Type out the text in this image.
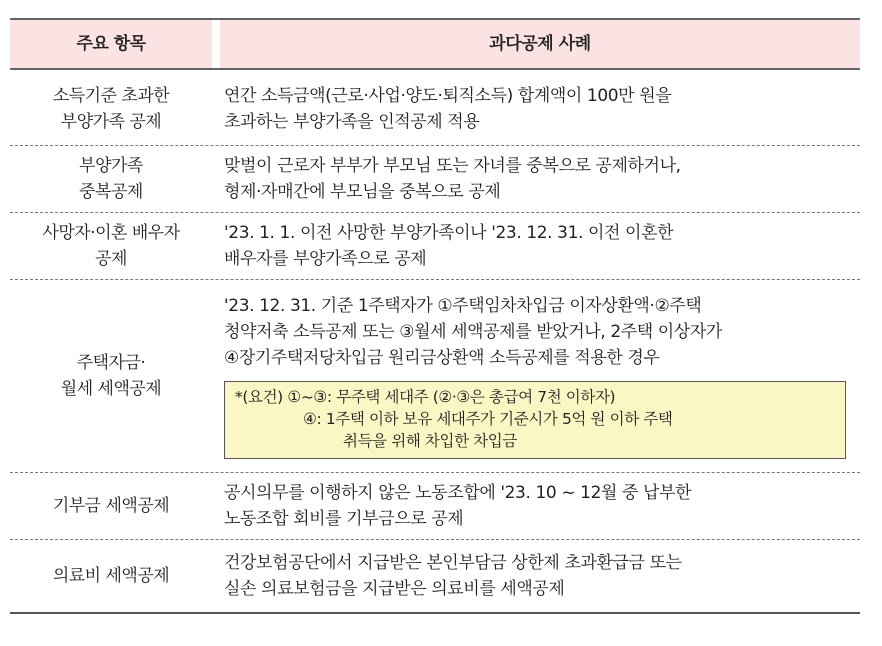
주요 항목	과다공제 사례
소득기준 초과한
부양가족 공제
연간 소득금액(근로·사업·양도·퇴직소득) 합계액이 100만 원을
초과하는 부양가족을 인적공제 적용
부양가족
중복공제
맞벌이 근로자 부부가 부모님 또는 자녀를 중복으로 공제하거나,
형제·자매간에 부모님을 중복으로 공제
사망자·이혼 배우자
공제
'23. 1. 1. 이전 사망한 부양가족이나 '23. 12. 31. 이전 이혼한
배우자를 부양가족으로 공제
주택자금·
월세 세액공제
'23. 12. 31. 기준 1주택자가 ①주택임차차입금 이자상환액·②주택
청약저축 소득공제 또는 ③월세 세액공제를 받았거나, 2주택 이상자가
④장기주택저당차입금 원리금상환액 소득공제를 적용한 경우
*(요건) ①~③: 무주택 세대주 (②·③은 총급여 7천 이하자)
④: 1주택 이하 보유 세대주가 기준시가 5억 원 이하 주택
취득을 위해 차입한 차입금
기부금 세액공제
공시의무를 이행하지 않은 노동조합에 '23. 10 ~ 12월 중 납부한
노동조합 회비를 기부금으로 공제
의료비 세액공제
건강보험공단에서 지급받은 본인부담금 상한제 초과환급금 또는
실손 의료보험금을 지급받은 의료비를 세액공제
